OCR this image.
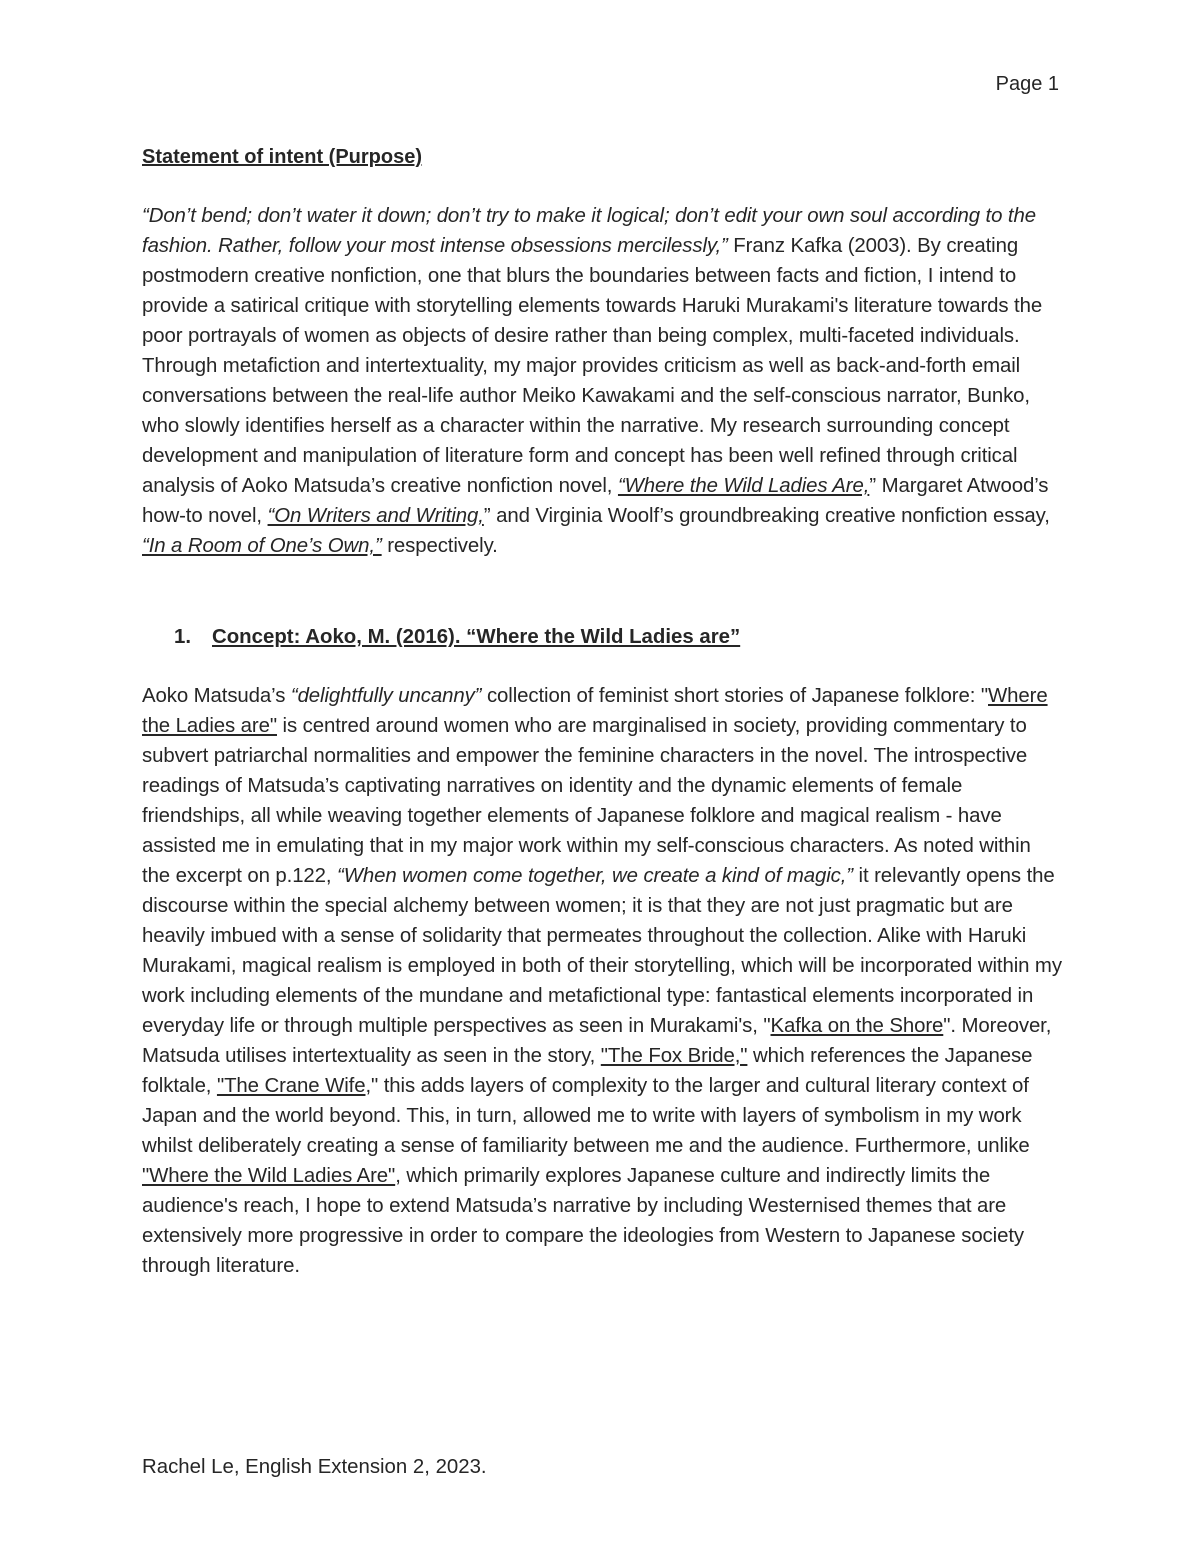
Page 1
Statement of intent (Purpose)

“Don’t bend; don’t water it down; don’t try to make it logical; don’t edit your own soul according to the fashion. Rather, follow your most intense obsessions mercilessly,” Franz Kafka (2003). By creating postmodern creative nonfiction, one that blurs the boundaries between facts and fiction, I intend to provide a satirical critique with storytelling elements towards Haruki Murakami's literature towards the poor portrayals of women as objects of desire rather than being complex, multi-faceted individuals. Through metafiction and intertextuality, my major provides criticism as well as back-and-forth email conversations between the real-life author Meiko Kawakami and the self-conscious narrator, Bunko, who slowly identifies herself as a character within the narrative. My research surrounding concept development and manipulation of literature form and concept has been well refined through critical analysis of Aoko Matsuda’s creative nonfiction novel, “Where the Wild Ladies Are,” Margaret Atwood’s how-to novel, “On Writers and Writing,” and Virginia Woolf’s groundbreaking creative nonfiction essay, “In a Room of One’s Own,” respectively.

1. Concept: Aoko, M. (2016). “Where the Wild Ladies are”

Aoko Matsuda’s “delightfully uncanny” collection of feminist short stories of Japanese folklore: "Where the Ladies are" is centred around women who are marginalised in society, providing commentary to subvert patriarchal normalities and empower the feminine characters in the novel. The introspective readings of Matsuda’s captivating narratives on identity and the dynamic elements of female friendships, all while weaving together elements of Japanese folklore and magical realism - have assisted me in emulating that in my major work within my self-conscious characters. As noted within the excerpt on p.122, “When women come together, we create a kind of magic,” it relevantly opens the discourse within the special alchemy between women; it is that they are not just pragmatic but are heavily imbued with a sense of solidarity that permeates throughout the collection. Alike with Haruki Murakami, magical realism is employed in both of their storytelling, which will be incorporated within my work including elements of the mundane and metafictional type: fantastical elements incorporated in everyday life or through multiple perspectives as seen in Murakami's, "Kafka on the Shore". Moreover, Matsuda utilises intertextuality as seen in the story, "The Fox Bride," which references the Japanese folktale, "The Crane Wife," this adds layers of complexity to the larger and cultural literary context of Japan and the world beyond. This, in turn, allowed me to write with layers of symbolism in my work whilst deliberately creating a sense of familiarity between me and the audience. Furthermore, unlike "Where the Wild Ladies Are", which primarily explores Japanese culture and indirectly limits the audience's reach, I hope to extend Matsuda’s narrative by including Westernised themes that are extensively more progressive in order to compare the ideologies from Western to Japanese society through literature.

Rachel Le, English Extension 2, 2023.
